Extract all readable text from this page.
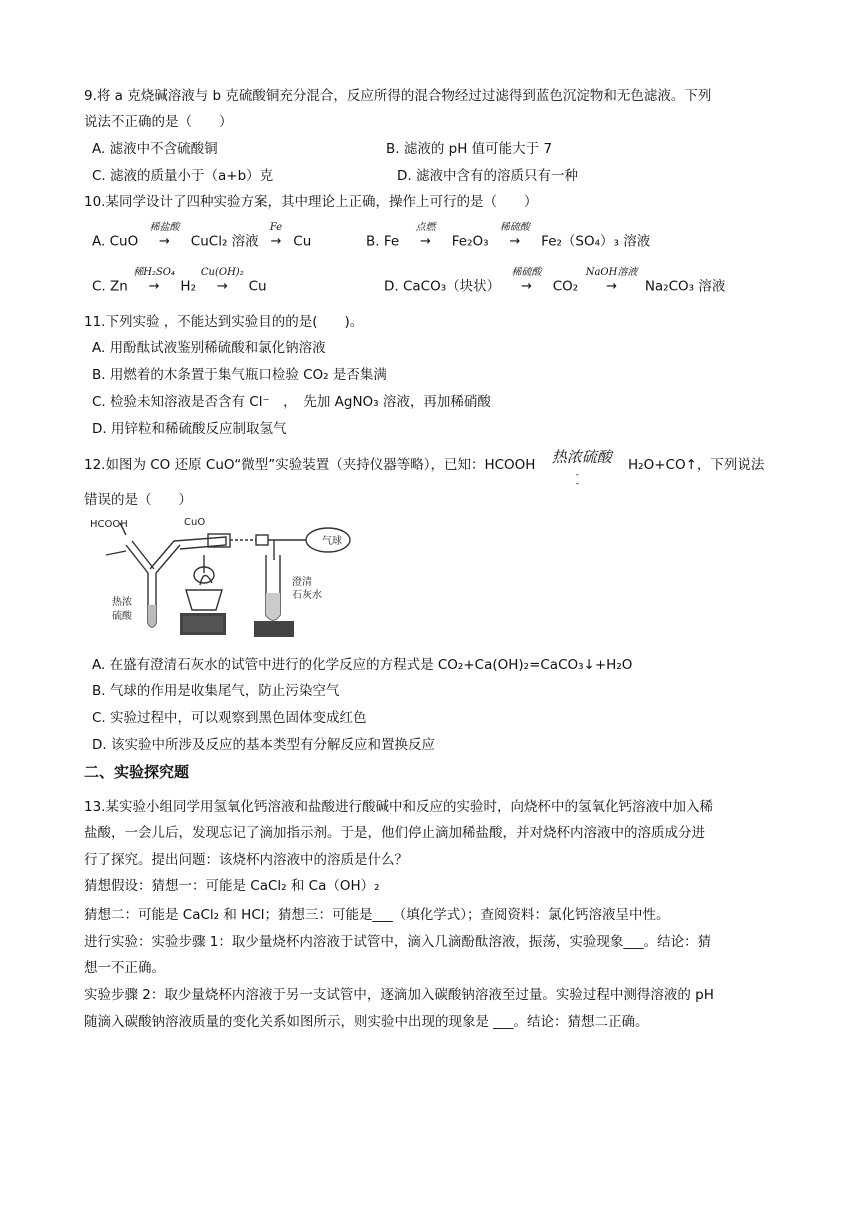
9.将 a 克烧碱溶液与 b 克硫酸铜充分混合，反应所得的混合物经过过滤得到蓝色沉淀物和无色滤液。下列
说法不正确的是（　　）
A. 滤液中不含硫酸铜	B. 滤液的 pH 值可能大于 7
C. 滤液的质量小于（a+b）克	D. 滤液中含有的溶质只有一种
10.某同学设计了四种实验方案，其中理论上正确，操作上可行的是（　　）
A. CuO
稀盐酸
→ CuCl₂ 溶液
Fe
→ Cu	B. Fe
点燃
→ Fe₂O₃
稀硫酸
→ Fe₂（SO₄）₃ 溶液
C. Zn
稀H₂SO₄
→ H₂
Cu(OH)₂
→ Cu	D. CaCO₃（块状）
稀硫酸
→ CO₂
NaOH溶液
→ Na₂CO₃ 溶液
11.下列实验 ，不能达到实验目的的是(　　)。
A. 用酚酞试液鉴别稀硫酸和氯化钠溶液
B. 用燃着的木条置于集气瓶口检验 CO₂ 是否集满
C. 检验未知溶液是否含有 Cl⁻　，　先加 AgNO₃ 溶液，再加稀硝酸
D. 用锌粒和稀硫酸反应制取氢气
12.如图为 CO 还原 CuO“微型”实验装置（夹持仪器等略），已知：HCOOH	热浓硫酸
-
-
H₂O+CO↑，下列说法
错误的是（　　）
HCOOH	CuO
气球
热浓
硫酸
澄清
石灰水
A. 在盛有澄清石灰水的试管中进行的化学反应的方程式是 CO₂+Ca(OH)₂=CaCO₃↓+H₂O
B. 气球的作用是收集尾气，防止污染空气
C. 实验过程中，可以观察到黑色固体变成红色
D. 该实验中所涉及反应的基本类型有分解反应和置换反应
二、实验探究题
13.某实验小组同学用氢氧化钙溶液和盐酸进行酸碱中和反应的实验时，向烧杯中的氢氧化钙溶液中加入稀
盐酸，一会儿后，发现忘记了滴加指示剂。于是，他们停止滴加稀盐酸，并对烧杯内溶液中的溶质成分进
行了探究。提出问题：该烧杯内溶液中的溶质是什么？
猜想假设：猜想一：可能是 CaCl₂ 和 Ca（OH）₂
猜想二：可能是 CaCl₂ 和 HCl；猜想三：可能是___（填化学式）；查阅资料：氯化钙溶液呈中性。
进行实验：实验步骤 1：取少量烧杯内溶液于试管中，滴入几滴酚酞溶液，振荡，实验现象___。结论：猜
想一不正确。
实验步骤 2：取少量烧杯内溶液于另一支试管中，逐滴加入碳酸钠溶液至过量。实验过程中测得溶液的 pH
随滴入碳酸钠溶液质量的变化关系如图所示，则实验中出现的现象是 ___。结论：猜想二正确。
